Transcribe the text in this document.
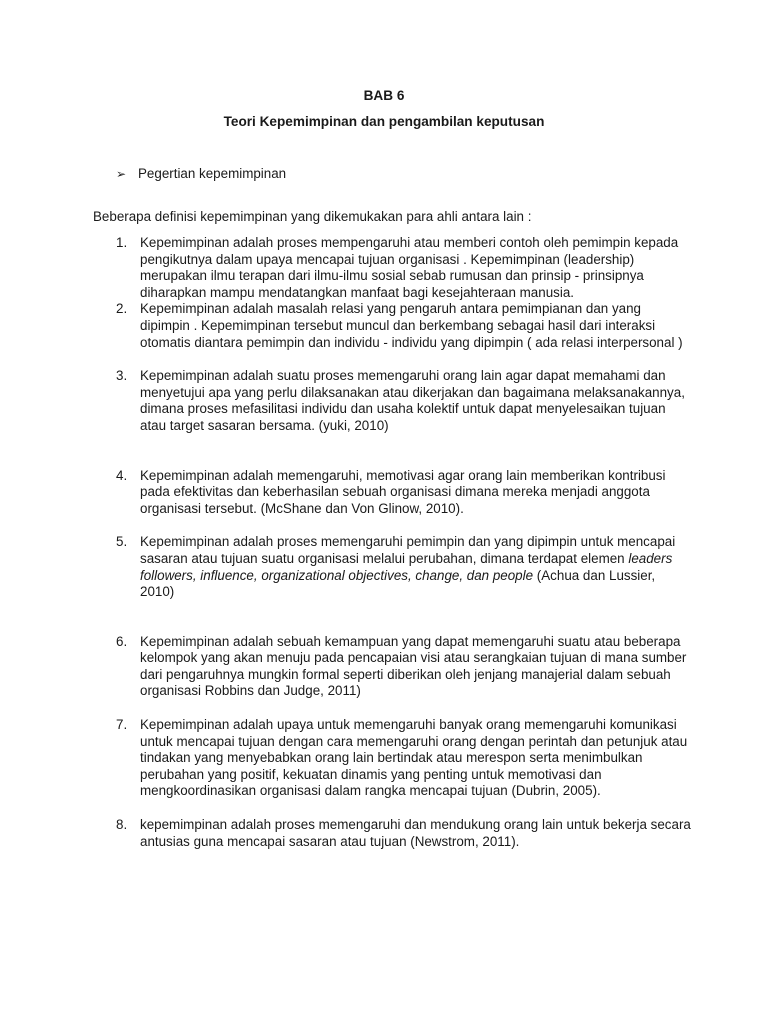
BAB 6
Teori Kepemimpinan dan pengambilan keputusan
➢ Pegertian kepemimpinan
Beberapa definisi kepemimpinan yang dikemukakan para ahli antara lain :
1. Kepemimpinan adalah proses mempengaruhi atau memberi contoh oleh pemimpin kepada pengikutnya dalam upaya mencapai tujuan organisasi . Kepemimpinan (leadership) merupakan ilmu terapan dari ilmu-ilmu sosial sebab rumusan dan prinsip - prinsipnya diharapkan mampu mendatangkan manfaat bagi kesejahteraan manusia.
2. Kepemimpinan adalah masalah relasi yang pengaruh antara pemimpianan dan yang dipimpin . Kepemimpinan tersebut muncul dan berkembang sebagai hasil dari interaksi otomatis diantara pemimpin dan individu - individu yang dipimpin ( ada relasi interpersonal )
3. Kepemimpinan adalah suatu proses memengaruhi orang lain agar dapat memahami dan menyetujui apa yang perlu dilaksanakan atau dikerjakan dan bagaimana melaksanakannya, dimana proses mefasilitasi individu dan usaha kolektif untuk dapat menyelesaikan tujuan atau target sasaran bersama. (yuki, 2010)
4. Kepemimpinan adalah memengaruhi, memotivasi agar orang lain memberikan kontribusi pada efektivitas dan keberhasilan sebuah organisasi dimana mereka menjadi anggota organisasi tersebut. (McShane dan Von Glinow, 2010).
5. Kepemimpinan adalah proses memengaruhi pemimpin dan yang dipimpin untuk mencapai sasaran atau tujuan suatu organisasi melalui perubahan, dimana terdapat elemen leaders followers, influence, organizational objectives, change, dan people (Achua dan Lussier, 2010)
6. Kepemimpinan adalah sebuah kemampuan yang dapat memengaruhi suatu atau beberapa kelompok yang akan menuju pada pencapaian visi atau serangkaian tujuan di mana sumber dari pengaruhnya mungkin formal seperti diberikan oleh jenjang manajerial dalam sebuah organisasi Robbins dan Judge, 2011)
7. Kepemimpinan adalah upaya untuk memengaruhi banyak orang memengaruhi komunikasi untuk mencapai tujuan dengan cara memengaruhi orang dengan perintah dan petunjuk atau tindakan yang menyebabkan orang lain bertindak atau merespon serta menimbulkan perubahan yang positif, kekuatan dinamis yang penting untuk memotivasi dan mengkoordinasikan organisasi dalam rangka mencapai tujuan (Dubrin, 2005).
8. kepemimpinan adalah proses memengaruhi dan mendukung orang lain untuk bekerja secara antusias guna mencapai sasaran atau tujuan (Newstrom, 2011).
